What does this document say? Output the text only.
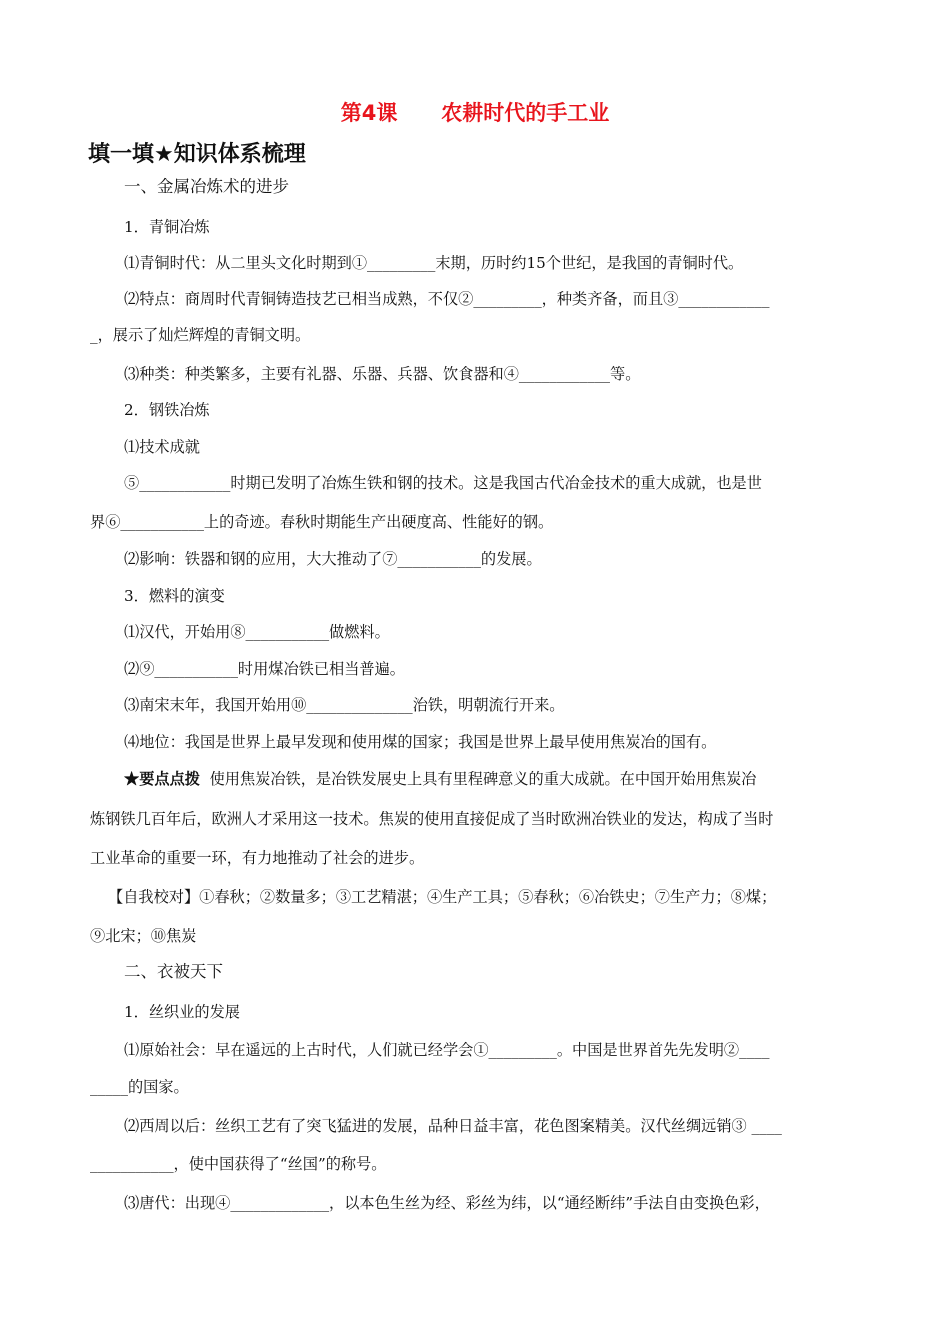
第4课      农耕时代的手工业
填一填★知识体系梳理
一、金属冶炼术的进步
1．青铜冶炼
⑴青铜时代：从二里头文化时期到①_________末期，历时约15个世纪，是我国的青铜时代。
⑵特点：商周时代青铜铸造技艺已相当成熟，不仅②_________，种类齐备，而且③____________
_，展示了灿烂辉煌的青铜文明。
⑶种类：种类繁多，主要有礼器、乐器、兵器、饮食器和④____________等。
2．钢铁冶炼
⑴技术成就
⑤____________时期已发明了冶炼生铁和钢的技术。这是我国古代冶金技术的重大成就，也是世
界⑥___________上的奇迹。春秋时期能生产出硬度高、性能好的钢。
⑵影响：铁器和钢的应用，大大推动了⑦___________的发展。
3．燃料的演变
⑴汉代，开始用⑧___________做燃料。
⑵⑨___________时用煤冶铁已相当普遍。
⑶南宋末年，我国开始用⑩______________治铁，明朝流行开来。
⑷地位：我国是世界上最早发现和使用煤的国家；我国是世界上最早使用焦炭冶的国有。
★要点点拨 使用焦炭冶铁，是冶铁发展史上具有里程碑意义的重大成就。在中国开始用焦炭冶
炼钢铁几百年后，欧洲人才采用这一技术。焦炭的使用直接促成了当时欧洲冶铁业的发达，构成了当时
工业革命的重要一环，有力地推动了社会的进步。
【自我校对】①春秋；②数量多；③工艺精湛；④生产工具；⑤春秋；⑥冶铁史；⑦生产力；⑧煤；
⑨北宋；⑩焦炭
二、衣被天下
1．丝织业的发展
⑴原始社会：早在遥远的上古时代，人们就已经学会①_________。中国是世界首先先发明②____
_____的国家。
⑵西周以后：丝织工艺有了突飞猛进的发展，品种日益丰富，花色图案精美。汉代丝绸远销③ ____
___________，使中国获得了“丝国”的称号。
⑶唐代：出现④_____________，以本色生丝为经、彩丝为纬，以“通经断纬”手法自由变换色彩，
